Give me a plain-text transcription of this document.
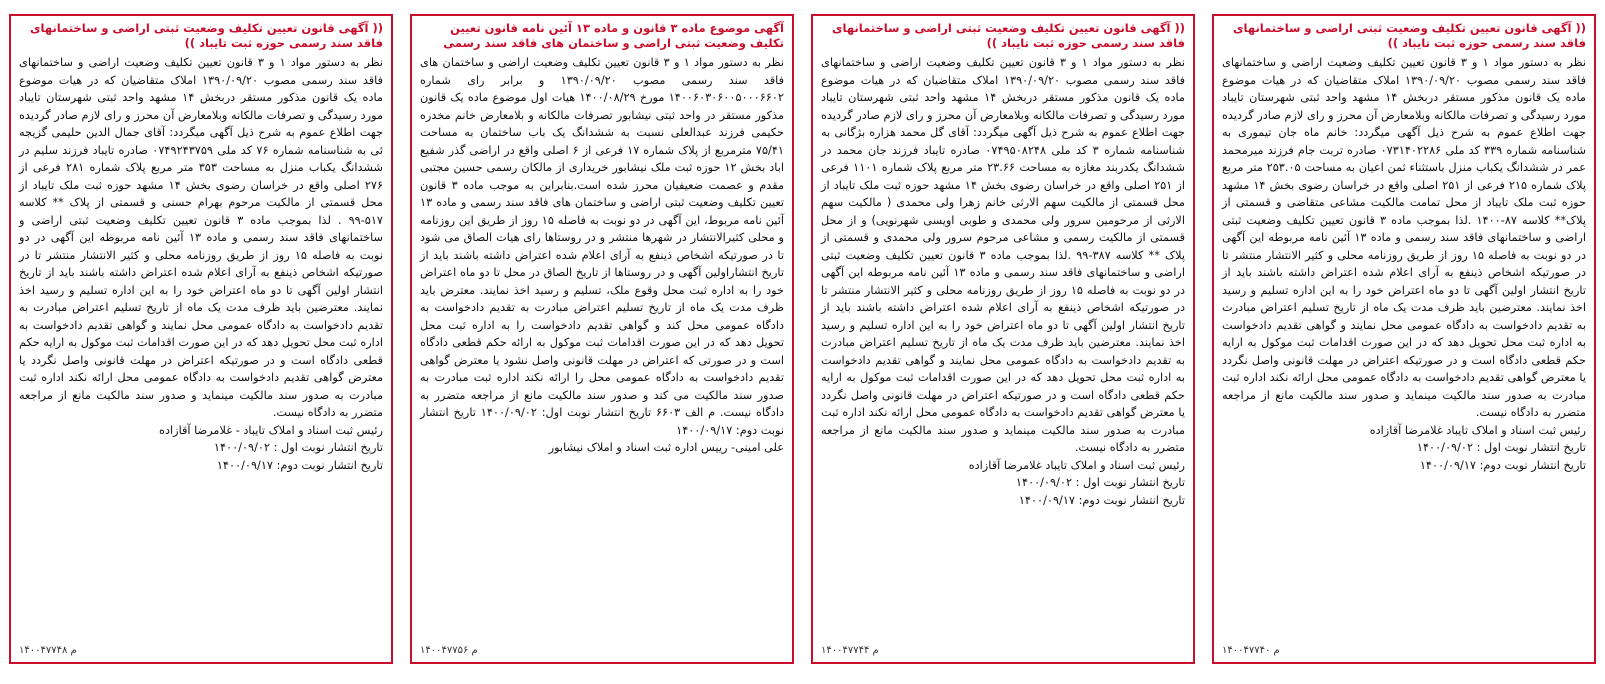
(( آگهی قانون تعیین تکلیف وضعیت ثبتی اراضی و ساختمانهای فاقد سند رسمی حوزه ثبت تایباد ))

نظر به دستور مواد ۱ و ۳ قانون تعیین تکلیف وضعیت اراضی و ساختمانهای فاقد سند رسمی مصوب ۱۳۹۰/۰۹/۲۰ املاک متقاضیان که در هیات موضوع ماده یک قانون مذکور مستقر دربخش ۱۴ مشهد واحد ثبتی شهرستان تایباد مورد رسیدگی و تصرفات مالکانه وبلامعارض آن محرز و رای لازم صادر گردیده جهت اطلاع عموم به شرح ذیل آگهی میگردد: خانم ماه جان تیموری به شناسنامه شماره ۳۳۹ کد ملی ۰۷۳۱۴۰۲۲۸۶ صادره تربت جام فرزند میرمحمد عمر در ششدانگ یکباب منزل باستثناء ثمن اعیان به مساحت ۲۵۳.۰۵ متر مربع پلاک شماره ۲۱۵ فرعی از ۲۵۱ اصلی واقع در خراسان رضوی بخش ۱۴ مشهد حوزه ثبت ملک تایباد از محل تمامت مالکیت مشاعی متقاضی و قسمتی از پلاک** کلاسه ۸۷-۱۴۰۰ .لذا بموجب ماده ۳ قانون تعیین تکلیف وضعیت ثبتی اراضی و ساختمانهای فاقد سند رسمی و ماده ۱۳ آئین نامه مربوطه این آگهی در دو نوبت به فاصله ۱۵ روز از طریق روزنامه محلی و کثیر الانتشار منتشر تا در صورتیکه اشخاص ذینفع به آرای اعلام شده اعتراض داشته باشند باید از تاریخ انتشار اولین آگهی تا دو ماه اعتراض خود را به این اداره تسلیم و رسید اخذ نمایند. معترضین باید ظرف مدت یک ماه از تاریخ تسلیم اعتراض مبادرت به تقدیم دادخواست به دادگاه عمومی محل نمایند و گواهی تقدیم دادخواست به اداره ثبت محل تحویل دهد که در این صورت اقدامات ثبت موکول به ارایه حکم قطعی دادگاه است و در صورتیکه اعتراض در مهلت قانونی واصل نگردد یا معترض گواهی تقدیم دادخواست به دادگاه عمومی محل ارائه نکند اداره ثبت مبادرت به صدور سند مالکیت مینماید و صدور سند مالکیت مانع از مراجعه متضرر به دادگاه نیست.

رئیس ثبت اسناد و املاک تایباد غلامرضا آقازاده

تاریخ انتشار نوبت اول : ۱۴۰۰/۰۹/۰۲

تاریخ انتشار نوبت دوم: ۱۴۰۰/۰۹/۱۷

م ۱۴۰۰۴۷۷۴۰
(( آگهی قانون تعیین تکلیف وضعیت ثبتی اراضی و ساختمانهای فاقد سند رسمی حوزه ثبت تایباد ))

نظر به دستور مواد ۱ و ۳ قانون تعیین تکلیف وضعیت اراضی و ساختمانهای فاقد سند رسمی مصوب ۱۳۹۰/۰۹/۲۰ املاک متقاضیان که در هیات موضوع ماده یک قانون مذکور مستقر دربخش ۱۴ مشهد واحد ثبتی شهرستان تایباد مورد رسیدگی و تصرفات مالکانه وبلامعارض آن محرز و رای لازم صادر گردیده جهت اطلاع عموم به شرح ذیل آگهی میگردد: آقای گل محمد هزاره بژگانی به شناسنامه شماره ۳ کد ملی ۰۷۴۹۵۰۸۲۴۸ صادره تایباد فرزند جان محمد در ششدانگ یکدربند مغازه به مساحت ۲۳.۶۶ متر مربع پلاک شماره ۱۱۰۱ فرعی از ۲۵۱ اصلی واقع در خراسان رضوی بخش ۱۴ مشهد حوزه ثبت ملک تایباد از محل قسمتی از مالکیت سهم الارثی خانم زهرا ولی محمدی ( مالکیت سهم الارثی از مرحومین سرور ولی محمدی و طوبی اویسی شهرنویی) و از محل قسمتی از مالکیت رسمی و مشاعی مرحوم سرور ولی محمدی و قسمتی از پلاک ** کلاسه ۳۸۷-۹۹ .لذا بموجب ماده ۳ قانون تعیین تکلیف وضعیت ثبتی اراضی و ساختمانهای فاقد سند رسمی و ماده ۱۳ آئین نامه مربوطه این آگهی در دو نوبت به فاصله ۱۵ روز از طریق روزنامه محلی و کثیر الانتشار منتشر تا در صورتیکه اشخاص ذینفع به آرای اعلام شده اعتراض داشته باشند باید از تاریخ انتشار اولین آگهی تا دو ماه اعتراض خود را به این اداره تسلیم و رسید اخذ نمایند. معترضین باید ظرف مدت یک ماه از تاریخ تسلیم اعتراض مبادرت به تقدیم دادخواست به دادگاه عمومی محل نمایند و گواهی تقدیم دادخواست به اداره ثبت محل تحویل دهد که در این صورت اقدامات ثبت موکول به ارایه حکم قطعی دادگاه است و در صورتیکه اعتراض در مهلت قانونی واصل نگردد یا معترض گواهی تقدیم دادخواست به دادگاه عمومی محل ارائه نکند اداره ثبت مبادرت به صدور سند مالکیت مینماید و صدور سند مالکیت مانع از مراجعه متضرر به دادگاه نیست.

رئیس ثبت اسناد و املاک تایباد غلامرضا آقازاده

تاریخ انتشار نوبت اول : ۱۴۰۰/۰۹/۰۲

تاریخ انتشار نوبت دوم: ۱۴۰۰/۰۹/۱۷

م ۱۴۰۰۴۷۷۴۴
آگهی موضوع ماده ۳ قانون و ماده ۱۳ آئین نامه قانون تعیین تکلیف وضعیت ثبتی اراضی و ساختمان های فاقد سند رسمی

نظر به دستور مواد ۱ و ۳ قانون تعیین تکلیف وضعیت اراضی و ساختمان های فاقد سند رسمی مصوب ۱۳۹۰/۰۹/۲۰ و برابر رای شماره ۱۴۰۰۶۰۳۰۶۰۰۵۰۰۰۶۶۰۲ مورخ ۱۴۰۰/۰۸/۲۹ هیات اول موضوع ماده یک قانون مذکور مستقر در واحد ثبتی نیشابور تصرفات مالکانه و بلامعارض خانم مخدره حکیمی فرزند عبدالعلی نسبت به ششدانگ یک باب ساختمان به مساحت ۷۵/۴۱ مترمربع از پلاک شماره ۱۷ فرعی از ۶ اصلی واقع در اراضی گذر شفیع اباد بخش ۱۲ حوزه ثبت ملک نیشابور خریداری از مالکان رسمی حسین مجتبی مقدم و عصمت ضعیفیان محرز شده است.بنابراین به موجب ماده ۳ قانون تعیین تکلیف وضعیت ثبتی اراضی و ساختمان های فاقد سند رسمی و ماده ۱۳ آئین نامه مربوط، این آگهی در دو نوبت به فاصله ۱۵ روز از طریق این روزنامه و محلی کثیرالانتشار در شهرها منتشر و در روستاها رای هیات الصاق می شود تا در صورتیکه اشخاص ذینفع به آرای اعلام شده اعتراض داشته باشند باید از تاریخ انتشاراولین آگهی و در روستاها از تاریخ الصاق در محل تا دو ماه اعتراض خود را به اداره ثبت محل وقوع ملک، تسلیم و رسید اخذ نمایند. معترض باید ظرف مدت یک ماه از تاریخ تسلیم اعتراض مبادرت به تقدیم دادخواست به دادگاه عمومی محل کند و گواهی تقدیم دادخواست را به اداره ثبت محل تحویل دهد که در این صورت اقدامات ثبت موکول به ارائه حکم قطعی دادگاه است و در صورتی که اعتراض در مهلت قانونی واصل نشود یا معترض گواهی تقدیم دادخواست به دادگاه عمومی محل را ارائه نکند اداره ثبت مبادرت به صدور سند مالکیت می کند و صدور سند مالکیت مانع از مراجعه متضرر به دادگاه نیست. م الف ۶۶۰۳ تاریخ انتشار نوبت اول: ۱۴۰۰/۰۹/۰۲ تاریخ انتشار نوبت دوم: ۱۴۰۰/۰۹/۱۷

علی امینی- رییس اداره ثبت اسناد و املاک نیشابور

م ۱۴۰۰۴۷۷۵۶
(( آگهی قانون تعیین تکلیف وضعیت ثبتی اراضی و ساختمانهای فاقد سند رسمی حوزه ثبت تایباد ))

نظر به دستور مواد ۱ و ۳ قانون تعیین تکلیف وضعیت اراضی و ساختمانهای فاقد سند رسمی مصوب ۱۳۹۰/۰۹/۲۰ املاک متقاضیان که در هیات موضوع ماده یک قانون مذکور مستقر دربخش ۱۴ مشهد واحد ثبتی شهرستان تایباد مورد رسیدگی و تصرفات مالکانه وبلامعارض آن محرز و رای لازم صادر گردیده جهت اطلاع عموم به شرح ذیل آگهی میگردد: آقای جمال الدین حلیمی گزیجه ئی به شناسنامه شماره ۷۶ کد ملی ۰۷۴۹۲۴۳۷۵۹ صادره تایباد فرزند سلیم در ششدانگ یکباب منزل به مساحت ۳۵۳ متر مربع پلاک شماره ۲۸۱ فرعی از ۲۷۶ اصلی واقع در خراسان رضوی بخش ۱۴ مشهد حوزه ثبت ملک تایباد از محل قسمتی از مالکیت مرحوم بهرام حسنی و قسمتی از پلاک ** کلاسه ۵۱۷-۹۹ . لذا بموجب ماده ۳ قانون تعیین تکلیف وضعیت ثبتی اراضی و ساختمانهای فاقد سند رسمی و ماده ۱۳ آئین نامه مربوطه این آگهی در دو نوبت به فاصله ۱۵ روز از طریق روزنامه محلی و کثیر الانتشار منتشر تا در صورتیکه اشخاص ذینفع به آرای اعلام شده اعتراض داشته باشند باید از تاریخ انتشار اولین آگهی تا دو ماه اعتراض خود را به این اداره تسلیم و رسید اخذ نمایند. معترضین باید ظرف مدت یک ماه از تاریخ تسلیم اعتراض مبادرت به تقدیم دادخواست به دادگاه عمومی محل نمایند و گواهی تقدیم دادخواست به اداره ثبت محل تحویل دهد که در این صورت اقدامات ثبت موکول به ارایه حکم قطعی دادگاه است و در صورتیکه اعتراض در مهلت قانونی واصل نگردد یا معترض گواهی تقدیم دادخواست به دادگاه عمومی محل ارائه نکند اداره ثبت مبادرت به صدور سند مالکیت مینماید و صدور سند مالکیت مانع از مراجعه متضرر به دادگاه نیست.

رئیس ثبت اسناد و املاک تایباد - غلامرضا آقازاده

تاریخ انتشار نوبت اول : ۱۴۰۰/۰۹/۰۲

تاریخ انتشار نوبت دوم: ۱۴۰۰/۰۹/۱۷

م ۱۴۰۰۴۷۷۴۸
